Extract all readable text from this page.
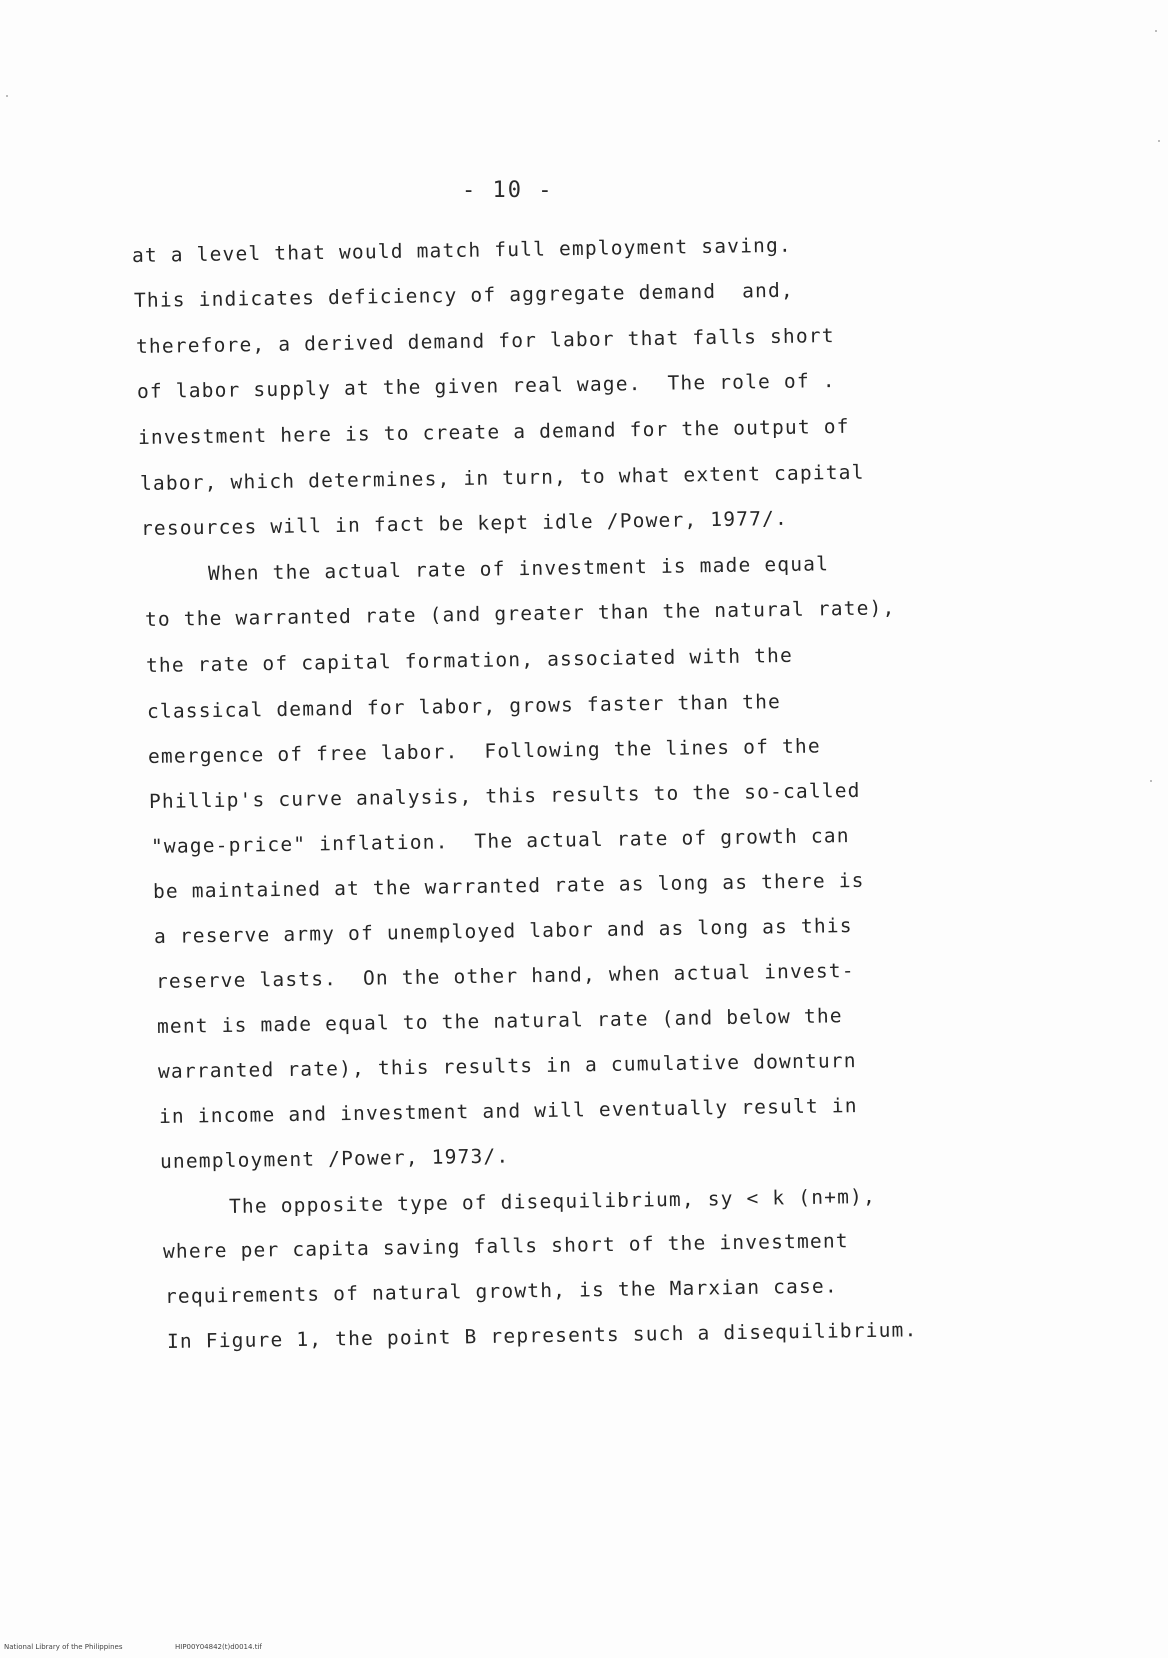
- 10 -
at a level that would match full employment saving.
This indicates deficiency of aggregate demand  and,
therefore, a derived demand for labor that falls short
of labor supply at the given real wage.  The role of .
investment here is to create a demand for the output of
labor, which determines, in turn, to what extent capital
resources will in fact be kept idle /Power, 1977/.
When the actual rate of investment is made equal
to the warranted rate (and greater than the natural rate),
the rate of capital formation, associated with the
classical demand for labor, grows faster than the
emergence of free labor.  Following the lines of the
Phillip's curve analysis, this results to the so-called
"wage-price" inflation.  The actual rate of growth can
be maintained at the warranted rate as long as there is
a reserve army of unemployed labor and as long as this
reserve lasts.  On the other hand, when actual invest-
ment is made equal to the natural rate (and below the
warranted rate), this results in a cumulative downturn
in income and investment and will eventually result in
unemployment /Power, 1973/.
The opposite type of disequilibrium, sy < k (n+m),
where per capita saving falls short of the investment
requirements of natural growth, is the Marxian case.
In Figure 1, the point B represents such a disequilibrium.
National Library of the Philippines	HIP00Y04842(t)d0014.tif
